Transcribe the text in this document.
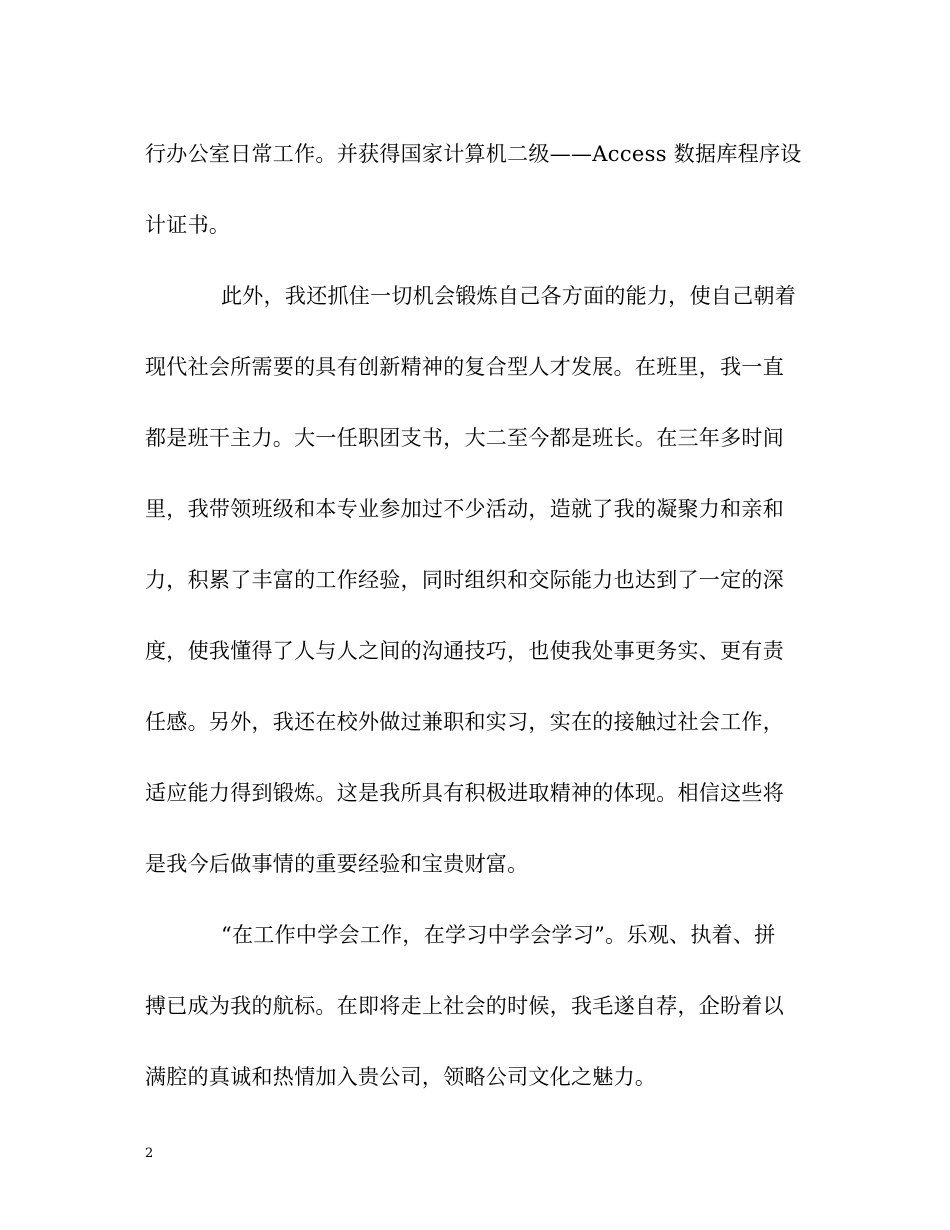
行办公室日常工作。并获得国家计算机二级——Access 数据库程序设
计证书。
此外，我还抓住一切机会锻炼自己各方面的能力，使自己朝着
现代社会所需要的具有创新精神的复合型人才发展。在班里，我一直
都是班干主力。大一任职团支书，大二至今都是班长。在三年多时间
里，我带领班级和本专业参加过不少活动，造就了我的凝聚力和亲和
力，积累了丰富的工作经验，同时组织和交际能力也达到了一定的深
度，使我懂得了人与人之间的沟通技巧，也使我处事更务实、更有责
任感。另外，我还在校外做过兼职和实习，实在的接触过社会工作，
适应能力得到锻炼。这是我所具有积极进取精神的体现。相信这些将
是我今后做事情的重要经验和宝贵财富。
“在工作中学会工作，在学习中学会学习”。乐观、执着、拼
搏已成为我的航标。在即将走上社会的时候，我毛遂自荐，企盼着以
满腔的真诚和热情加入贵公司，领略公司文化之魅力。
2
